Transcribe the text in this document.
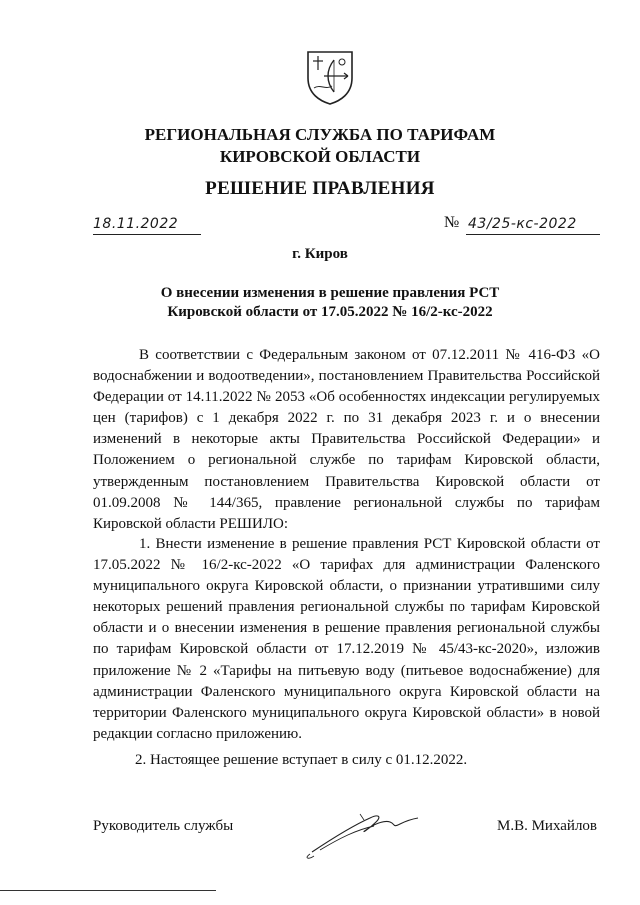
РЕГИОНАЛЬНАЯ СЛУЖБА ПО ТАРИФАМ
КИРОВСКОЙ ОБЛАСТИ
РЕШЕНИЕ ПРАВЛЕНИЯ
18.11.2022	№ 43/25-кс-2022
г. Киров
О внесении изменения в решение правления РСТ Кировской области от 17.05.2022 № 16/2-кс-2022
В соответствии с Федеральным законом от 07.12.2011 № 416-ФЗ «О водоснабжении и водоотведении», постановлением Правительства Российской Федерации от 14.11.2022 № 2053 «Об особенностях индексации регулируемых цен (тарифов) с 1 декабря 2022 г. по 31 декабря 2023 г. и о внесении изменений в некоторые акты Правительства Российской Федерации» и Положением о региональной службе по тарифам Кировской области, утвержденным постановлением Правительства Кировской области от 01.09.2008 № 144/365, правление региональной службы по тарифам Кировской области РЕШИЛО:
1. Внести изменение в решение правления РСТ Кировской области от 17.05.2022 № 16/2-кс-2022 «О тарифах для администрации Фаленского муниципального округа Кировской области, о признании утратившими силу некоторых решений правления региональной службы по тарифам Кировской области и о внесении изменения в решение правления региональной службы по тарифам Кировской области от 17.12.2019 № 45/43-кс-2020», изложив приложение № 2 «Тарифы на питьевую воду (питьевое водоснабжение) для администрации Фаленского муниципального округа Кировской области на территории Фаленского муниципального округа Кировской области» в новой редакции согласно приложению.
2. Настоящее решение вступает в силу с 01.12.2022.
Руководитель службы	М.В. Михайлов
